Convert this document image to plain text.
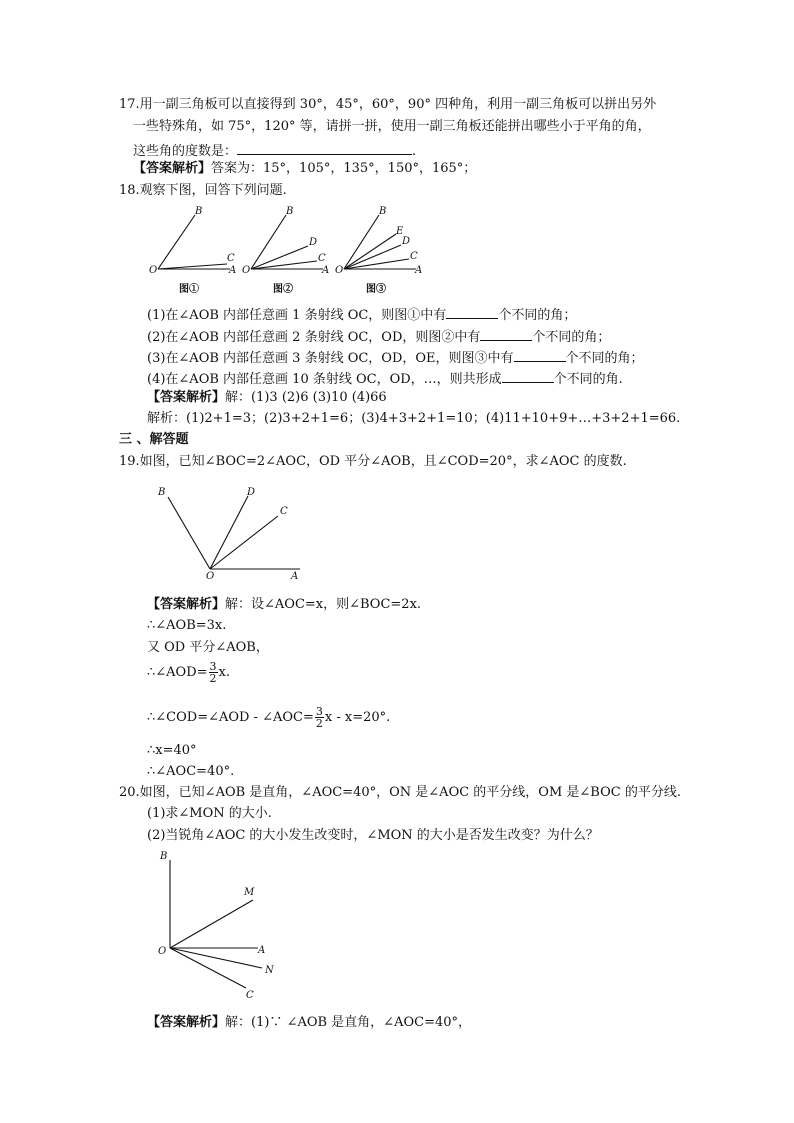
17.用一副三角板可以直接得到 30°，45°，60°，90° 四种角，利用一副三角板可以拼出另外
一些特殊角，如 75°，120° 等，请拼一拼，使用一副三角板还能拼出哪些小于平角的角，
这些角的度数是：	.
【答案解析】答案为：15°，105°，135°，150°，165°；
18.观察下图，回答下列问题.
B
C
O	A
图①
B
D
C
O	A
图②
B
E
D
C
O	A
图③
(1)在∠AOB 内部任意画 1 条射线 OC，则图①中有	个不同的角；
(2)在∠AOB 内部任意画 2 条射线 OC，OD，则图②中有	个不同的角；
(3)在∠AOB 内部任意画 3 条射线 OC，OD，OE，则图③中有	个不同的角；
(4)在∠AOB 内部任意画 10 条射线 OC，OD，…，则共形成	个不同的角.
【答案解析】解：(1)3 (2)6 (3)10 (4)66
解析：(1)2+1=3；(2)3+2+1=6；(3)4+3+2+1=10；(4)11+10+9+…+3+2+1=66.
三 、解答题
19.如图，已知∠BOC=2∠AOC，OD 平分∠AOB，且∠COD=20°，求∠AOC 的度数.
B	D
C
O	A
【答案解析】解：设∠AOC=x，则∠BOC=2x.
∴∠AOB=3x.
又 OD 平分∠AOB，
∴∠AOD= $\frac{3}{2} x$.
∴∠COD=∠AOD - ∠AOC= $\frac{3}{2}$ x - x=20°.
∴x=40°
∴∠AOC=40°.
20.如图，已知∠AOB 是直角，∠AOC=40°，ON 是∠AOC 的平分线，OM 是∠BOC 的平分线.
(1)求∠MON 的大小.
(2)当锐角∠AOC 的大小发生改变时，∠MON 的大小是否发生改变？为什么？
B
M
O	A
N
C
【答案解析】解：(1)∵ ∠AOB 是直角，∠AOC=40°，
